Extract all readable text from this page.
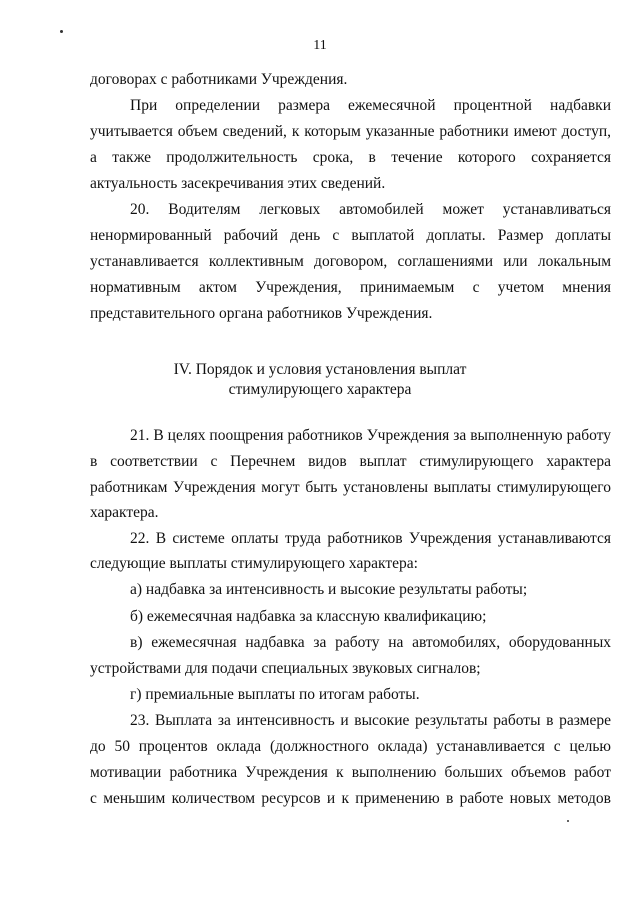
11
договорах с работниками Учреждения.
При определении размера ежемесячной процентной надбавки
учитывается объем сведений, к которым указанные работники имеют доступ,
а также продолжительность срока, в течение которого сохраняется
актуальность засекречивания этих сведений.
20. Водителям легковых автомобилей может устанавливаться
ненормированный рабочий день с выплатой доплаты. Размер доплаты
устанавливается коллективным договором, соглашениями или локальным
нормативным актом Учреждения, принимаемым с учетом мнения
представительного органа работников Учреждения.
IV. Порядок и условия установления выплат
стимулирующего характера
21. В целях поощрения работников Учреждения за выполненную работу
в соответствии с Перечнем видов выплат стимулирующего характера
работникам Учреждения могут быть установлены выплаты стимулирующего
характера.
22. В системе оплаты труда работников Учреждения устанавливаются
следующие выплаты стимулирующего характера:
а) надбавка за интенсивность и высокие результаты работы;
б) ежемесячная надбавка за классную квалификацию;
в) ежемесячная надбавка за работу на автомобилях, оборудованных
устройствами для подачи специальных звуковых сигналов;
г) премиальные выплаты по итогам работы.
23. Выплата за интенсивность и высокие результаты работы в размере
до 50 процентов оклада (должностного оклада) устанавливается с целью
мотивации работника Учреждения к выполнению больших объемов работ
с меньшим количеством ресурсов и к применению в работе новых методов
